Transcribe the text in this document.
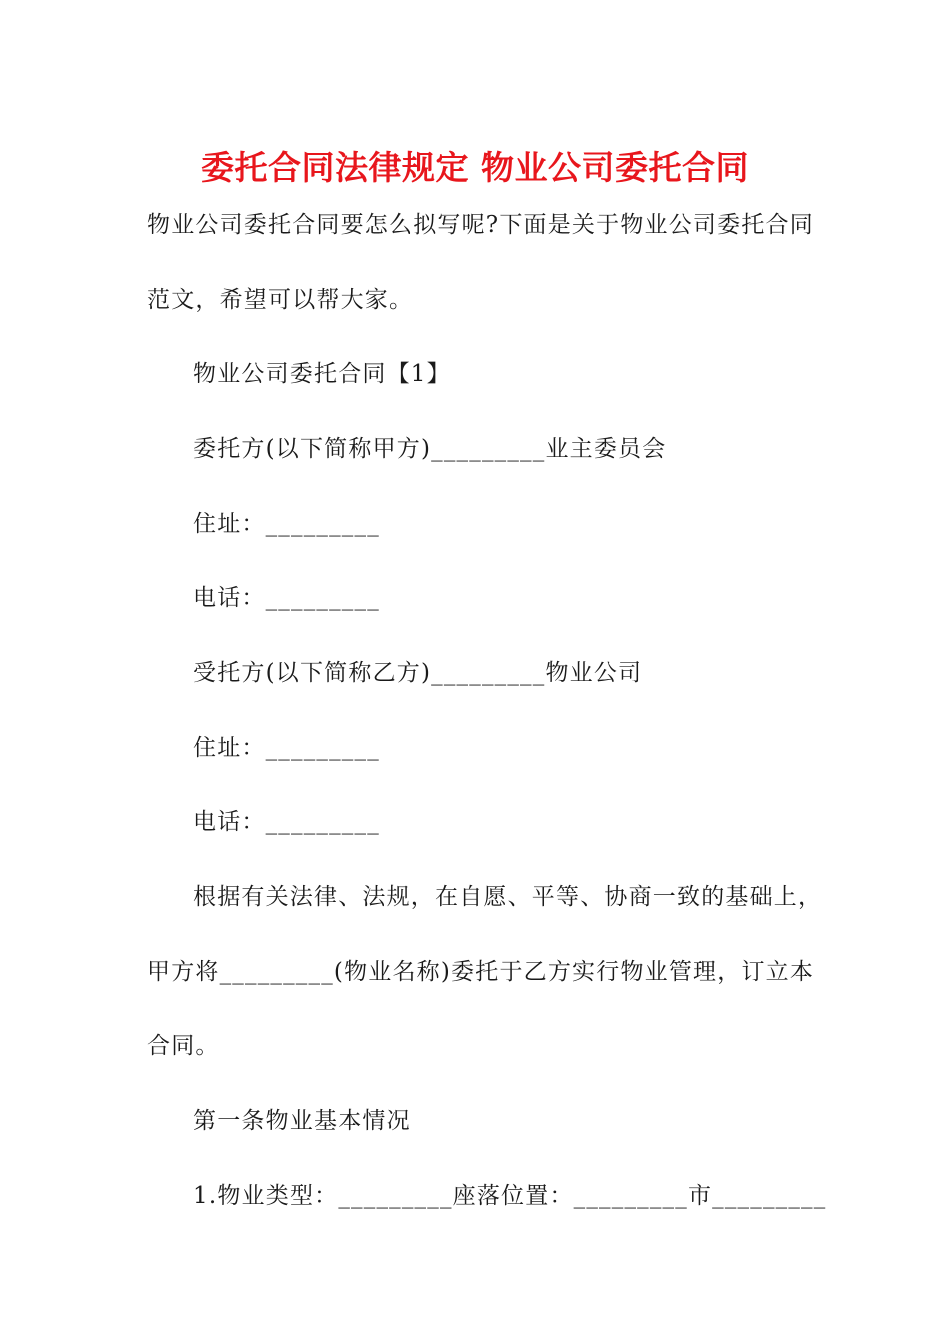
委托合同法律规定 物业公司委托合同
物业公司委托合同要怎么拟写呢?下面是关于物业公司委托合同
范文，希望可以帮大家。
物业公司委托合同【1】
委托方(以下简称甲方)_________业主委员会
住址：_________
电话：_________
受托方(以下简称乙方)_________物业公司
住址：_________
电话：_________
根据有关法律、法规，在自愿、平等、协商一致的基础上，
甲方将_________(物业名称)委托于乙方实行物业管理，订立本
合同。
第一条物业基本情况
1.物业类型：_________座落位置：_________市_________
